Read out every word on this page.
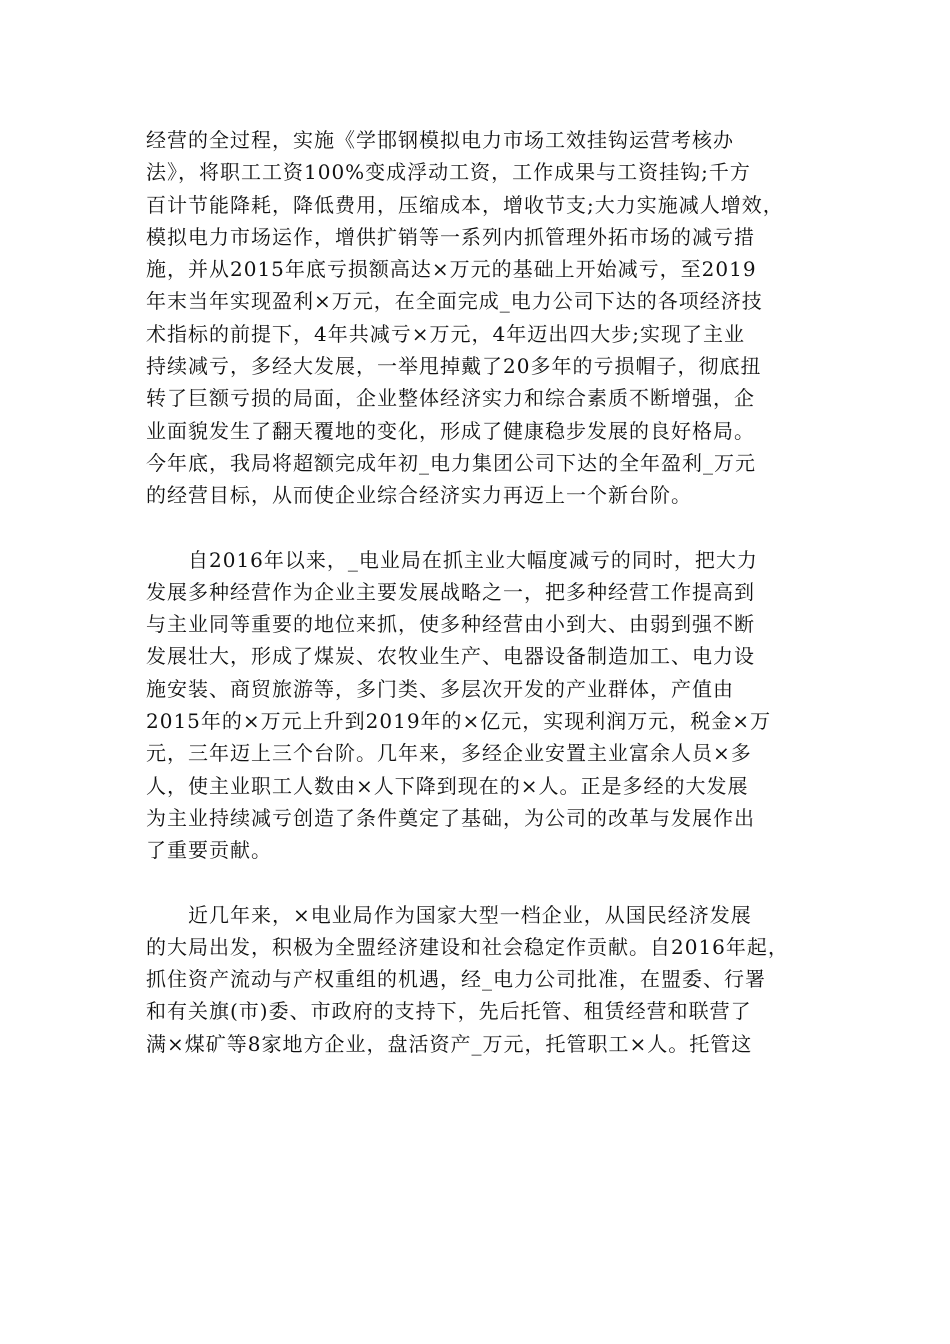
经营的全过程，实施《学邯钢模拟电力市场工效挂钩运营考核办
法》，将职工工资100%变成浮动工资，工作成果与工资挂钩;千方
百计节能降耗，降低费用，压缩成本，增收节支;大力实施减人增效，
模拟电力市场运作，增供扩销等一系列内抓管理外拓市场的减亏措
施，并从2015年底亏损额高达×万元的基础上开始减亏，至2019
年末当年实现盈利×万元，在全面完成_电力公司下达的各项经济技
术指标的前提下，4年共减亏×万元，4年迈出四大步;实现了主业
持续减亏，多经大发展，一举甩掉戴了20多年的亏损帽子，彻底扭
转了巨额亏损的局面，企业整体经济实力和综合素质不断增强，企
业面貌发生了翻天覆地的变化，形成了健康稳步发展的良好格局。
今年底，我局将超额完成年初_电力集团公司下达的全年盈利_万元
的经营目标，从而使企业综合经济实力再迈上一个新台阶。
自2016年以来，_电业局在抓主业大幅度减亏的同时，把大力
发展多种经营作为企业主要发展战略之一，把多种经营工作提高到
与主业同等重要的地位来抓，使多种经营由小到大、由弱到强不断
发展壮大，形成了煤炭、农牧业生产、电器设备制造加工、电力设
施安装、商贸旅游等，多门类、多层次开发的产业群体，产值由
2015年的×万元上升到2019年的×亿元，实现利润万元，税金×万
元，三年迈上三个台阶。几年来，多经企业安置主业富余人员×多
人，使主业职工人数由×人下降到现在的×人。正是多经的大发展
为主业持续减亏创造了条件奠定了基础，为公司的改革与发展作出
了重要贡献。
近几年来，×电业局作为国家大型一档企业，从国民经济发展
的大局出发，积极为全盟经济建设和社会稳定作贡献。自2016年起，
抓住资产流动与产权重组的机遇，经_电力公司批准，在盟委、行署
和有关旗(市)委、市政府的支持下，先后托管、租赁经营和联营了
满×煤矿等8家地方企业，盘活资产_万元，托管职工×人。托管这
